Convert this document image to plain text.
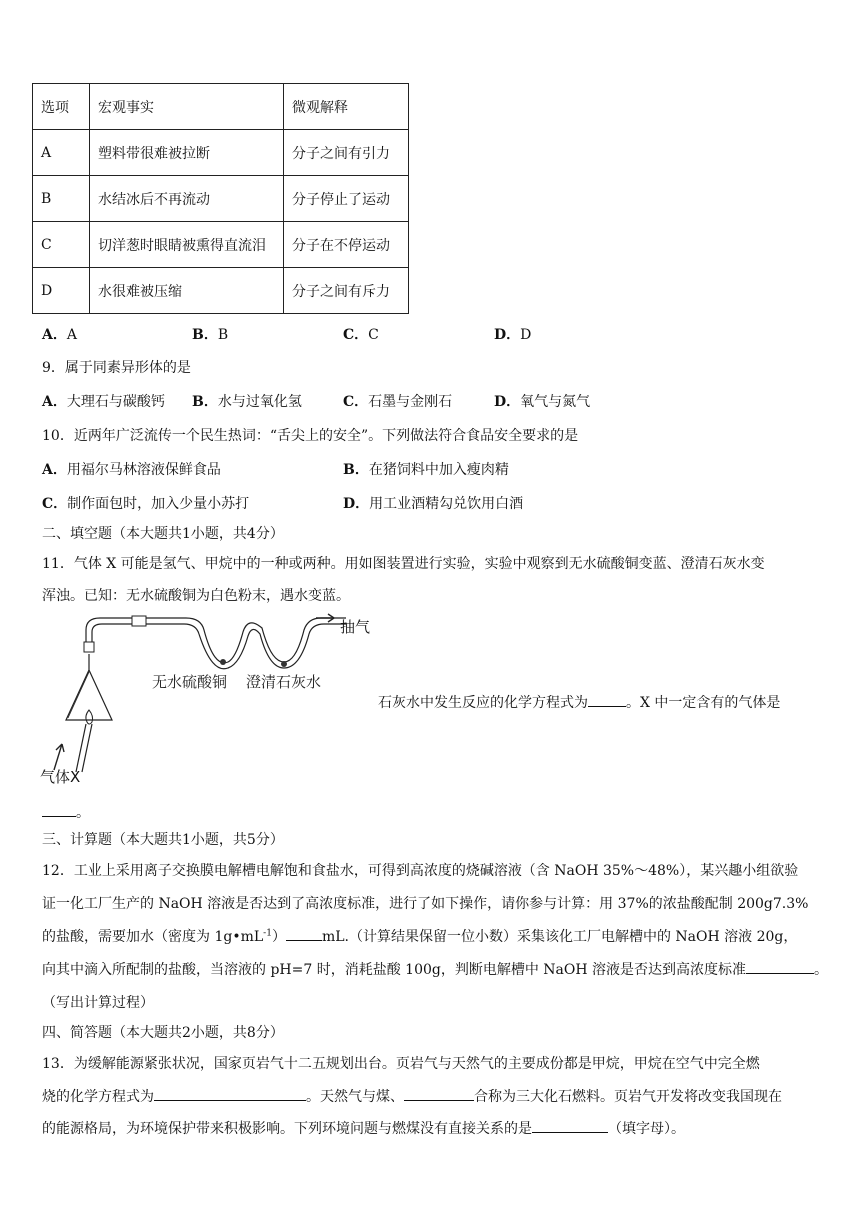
选项	宏观事实	微观解释
A	塑料带很难被拉断	分子之间有引力
B	水结冰后不再流动	分子停止了运动
C	切洋葱时眼睛被熏得直流泪	分子在不停运动
D	水很难被压缩	分子之间有斥力
A．A	B．B	C．C	D．D
9．属于同素异形体的是
A．大理石与碳酸钙 B．水与过氧化氢	C．石墨与金刚石	D．氧气与氮气
10．近两年广泛流传一个民生热词：“舌尖上的安全”。下列做法符合食品安全要求的是
A．用福尔马林溶液保鲜食品	B．在猪饲料中加入瘦肉精
C．制作面包时，加入少量小苏打	D．用工业酒精勾兑饮用白酒
二、填空题（本大题共1小题，共4分）
11．气体 X 可能是氢气、甲烷中的一种或两种。用如图装置进行实验，实验中观察到无水硫酸铜变蓝、澄清石灰水变
浑浊。已知：无水硫酸铜为白色粉末，遇水变蓝。
无水硫酸铜 澄清石灰水
抽气
气体X
石灰水中发生反应的化学方程式为	。X 中一定含有的气体是
。
三、计算题（本大题共1小题，共5分）
12．工业上采用离子交换膜电解槽电解饱和食盐水，可得到高浓度的烧碱溶液（含 NaOH 35%～48%），某兴趣小组欲验
证一化工厂生产的 NaOH 溶液是否达到了高浓度标准，进行了如下操作，请你参与计算：用 37%的浓盐酸配制 200g7.3%
的盐酸，需要加水（密度为 $1g•mL^{-1}$）	mL.（计算结果保留一位小数）采集该化工厂电解槽中的 NaOH 溶液 20g，
向其中滴入所配制的盐酸，当溶液的 pH=7 时，消耗盐酸 100g，判断电解槽中 NaOH 溶液是否达到高浓度标准	。
（写出计算过程）
四、简答题（本大题共2小题，共8分）
13．为缓解能源紧张状况，国家页岩气十二五规划出台。页岩气与天然气的主要成份都是甲烷，甲烷在空气中完全燃
烧的化学方程式为	。天然气与煤、	合称为三大化石燃料。页岩气开发将改变我国现在
的能源格局，为环境保护带来积极影响。下列环境问题与燃煤没有直接关系的是	（填字母）。
